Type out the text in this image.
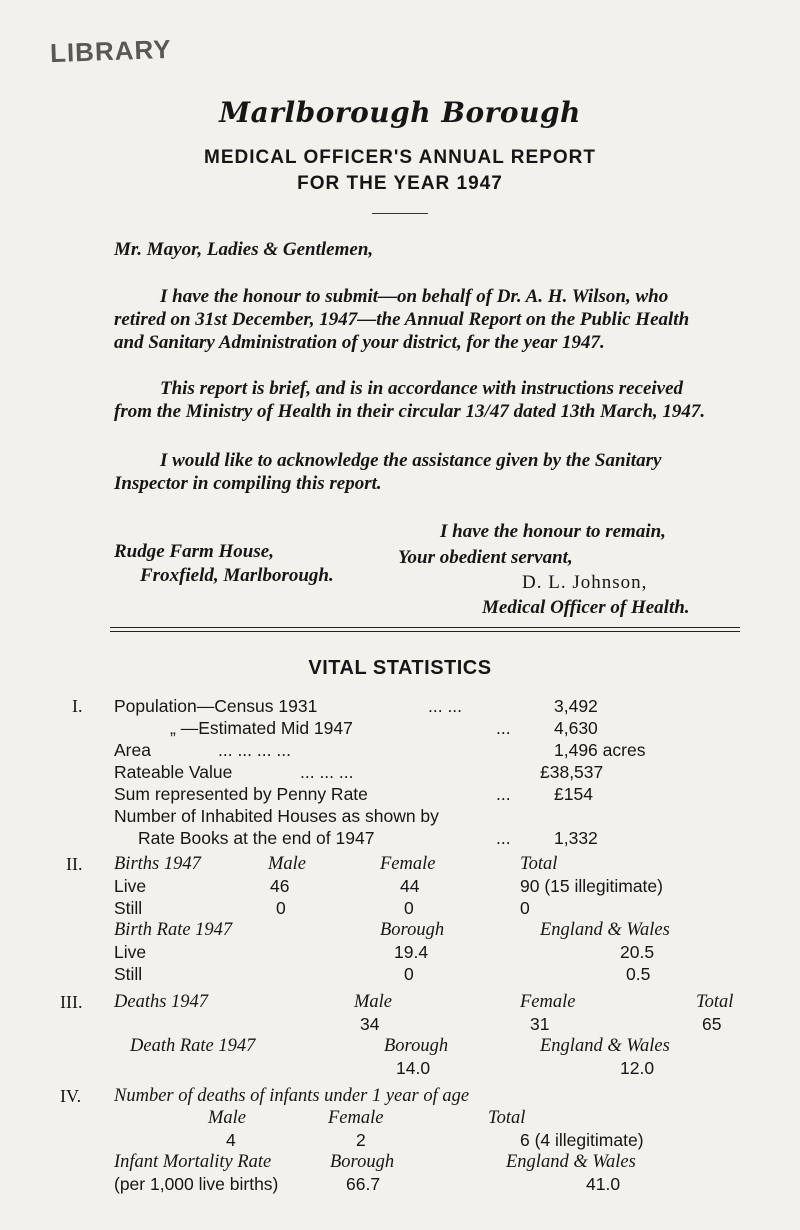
LIBRARY
Marlborough Borough
MEDICAL OFFICER'S ANNUAL REPORT
FOR THE YEAR 1947
Mr. Mayor, Ladies & Gentlemen,

I have the honour to submit—on behalf of Dr. A. H. Wilson, who retired on 31st December, 1947—the Annual Report on the Public Health and Sanitary Administration of your district, for the year 1947.

This report is brief, and is in accordance with instructions received from the Ministry of Health in their circular 13/47 dated 13th March, 1947.

I would like to acknowledge the assistance given by the Sanitary Inspector in compiling this report.

I have the honour to remain,
Your obedient servant,
D. L. Johnson,
Medical Officer of Health.
Rudge Farm House,
Froxfield, Marlborough.
VITAL STATISTICS
I. Population—Census 1931	... ...	3,492
„ —Estimated Mid 1947	... 4,630
Area	... ... ... ...	1,496 acres
Rateable Value	... ... ...	£38,537
Sum represented by Penny Rate	... £154
Number of Inhabited Houses as shown by
Rate Books at the end of 1947	... 1,332
II. Births 1947	Male	Female	Total
Live	46	44	90 (15 illegitimate)
Still	0	0	0
Birth Rate 1947	Borough	England & Wales
Live	19.4	20.5
Still	0	0.5
III. Deaths 1947	Male	Female	Total
34	31	65
Death Rate 1947	Borough	England & Wales
14.0	12.0
IV. Number of deaths of infants under 1 year of age
Male	Female	Total
4	2	6 (4 illegitimate)
Infant Mortality Rate	Borough	England & Wales
(per 1,000 live births)	66.7	41.0
